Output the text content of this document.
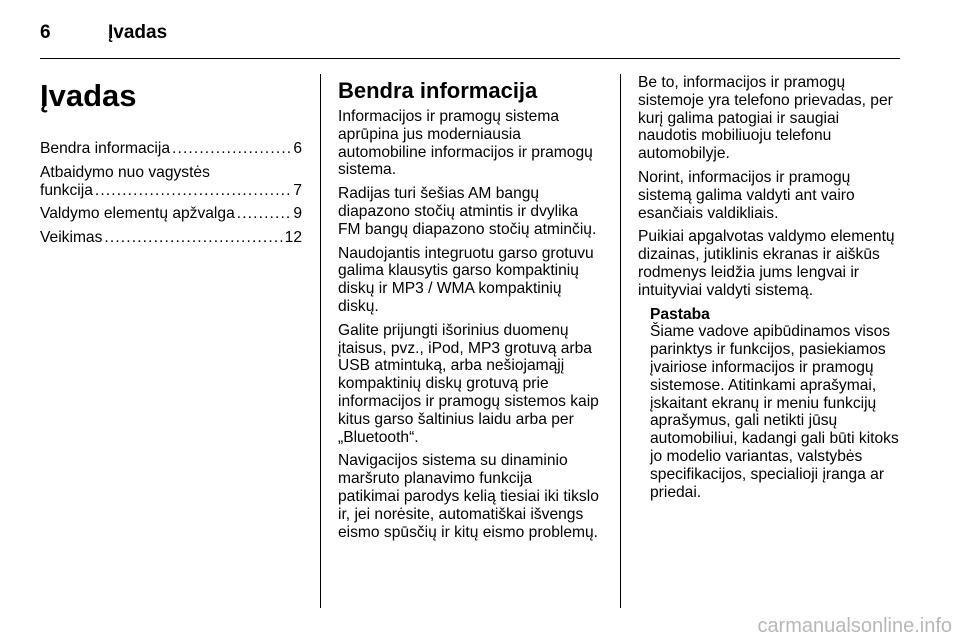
6	Įvadas
Įvadas
Bendra informacija . . .	6
Atbaidymo nuo vagystės
funkcija . . .	7
Valdymo elementų apžvalga . . .	9
Veikimas . . .	12
Bendra informacija

Informacijos ir pramogų sistema
aprūpina jus moderniausia
automobiline informacijos ir pramogų
sistema.

Radijas turi šešias AM bangų
diapazono stočių atmintis ir dvylika
FM bangų diapazono stočių atminčių.

Naudojantis integruotu garso grotuvu
galima klausytis garso kompaktinių
diskų ir MP3 / WMA kompaktinių
diskų.

Galite prijungti išorinius duomenų
įtaisus, pvz., iPod, MP3 grotuvą arba
USB atmintuką, arba nešiojamąjį
kompaktinių diskų grotuvą prie
informacijos ir pramogų sistemos kaip
kitus garso šaltinius laidu arba per
„Bluetooth“.

Navigacijos sistema su dinaminio
maršruto planavimo funkcija
patikimai parodys kelią tiesiai iki tikslo
ir, jei norėsite, automatiškai išvengs
eismo spūsčių ir kitų eismo problemų.

Be to, informacijos ir pramogų
sistemoje yra telefono prievadas, per
kurį galima patogiai ir saugiai
naudotis mobiliuoju telefonu
automobilyje.

Norint, informacijos ir pramogų
sistemą galima valdyti ant vairo
esančiais valdikliais.

Puikiai apgalvotas valdymo elementų
dizainas, jutiklinis ekranas ir aiškūs
rodmenys leidžia jums lengvai ir
intuityviai valdyti sistemą.

Pastaba

Šiame vadove apibūdinamos visos
parinktys ir funkcijos, pasiekiamos
įvairiose informacijos ir pramogų
sistemose. Atitinkami aprašymai,
įskaitant ekranų ir meniu funkcijų
aprašymus, gali netikti jūsų
automobiliui, kadangi gali būti kitoks
jo modelio variantas, valstybės
specifikacijos, specialioji įranga ar
priedai.
carmanualsonline.info
